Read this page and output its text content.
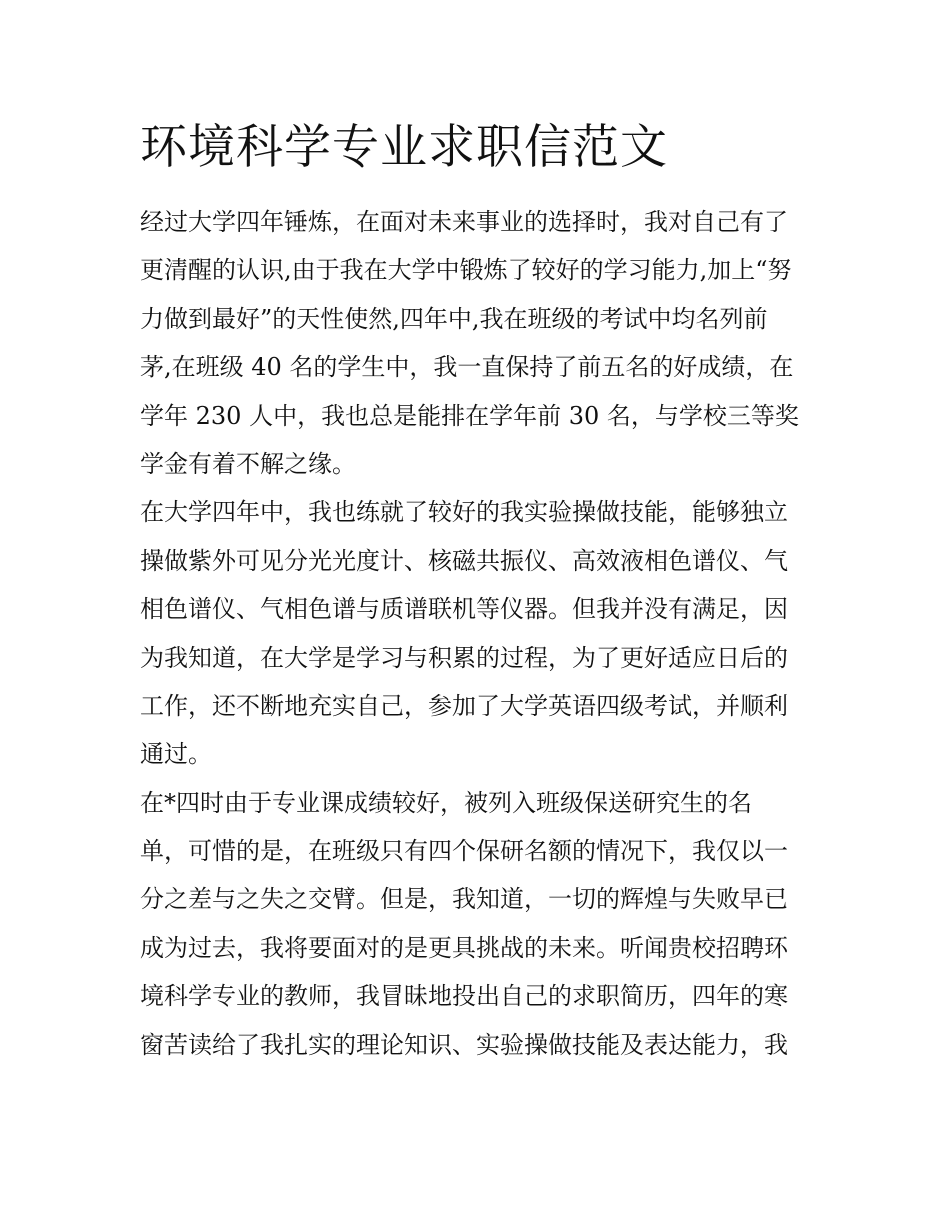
环境科学专业求职信范文
经过大学四年锤炼，在面对未来事业的选择时，我对自己有了
更清醒的认识,由于我在大学中锻炼了较好的学习能力,加上“努
力做到最好”的天性使然,四年中,我在班级的考试中均名列前
茅,在班级 40 名的学生中，我一直保持了前五名的好成绩，在
学年 230 人中，我也总是能排在学年前 30 名，与学校三等奖
学金有着不解之缘。
在大学四年中，我也练就了较好的我实验操做技能，能够独立
操做紫外可见分光光度计、核磁共振仪、高效液相色谱仪、气
相色谱仪、气相色谱与质谱联机等仪器。但我并没有满足，因
为我知道，在大学是学习与积累的过程，为了更好适应日后的
工作，还不断地充实自己，参加了大学英语四级考试，并顺利
通过。
在*四时由于专业课成绩较好，被列入班级保送研究生的名
单，可惜的是，在班级只有四个保研名额的情况下，我仅以一
分之差与之失之交臂。但是，我知道，一切的辉煌与失败早已
成为过去，我将要面对的是更具挑战的未来。听闻贵校招聘环
境科学专业的教师，我冒昧地投出自己的求职简历，四年的寒
窗苦读给了我扎实的理论知识、实验操做技能及表达能力，我
